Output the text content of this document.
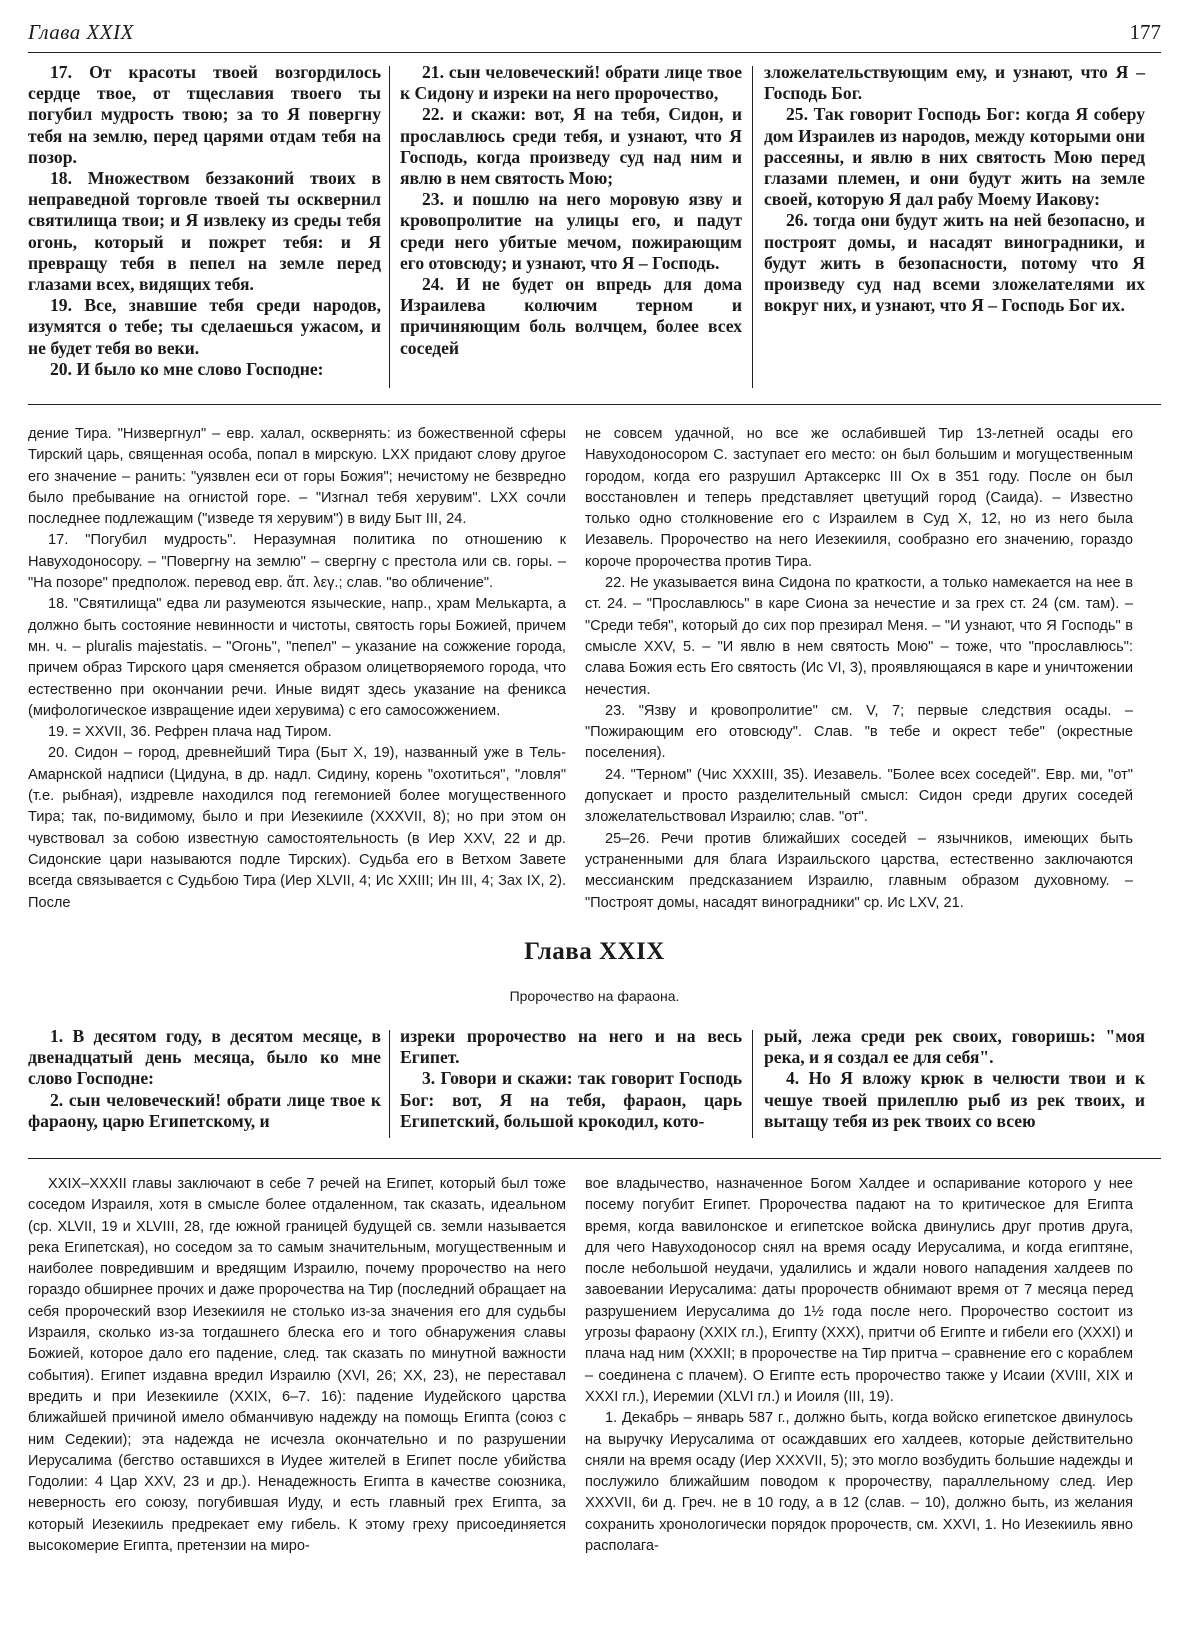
Глава XXIX	177

17. От красоты твоей возгордилось сердце твое, от тщеславия твоего ты погубил мудрость твою; за то Я повергну тебя на землю, перед царями отдам тебя на позор.

18. Множеством беззаконий твоих в неправедной торговле твоей ты осквернил святилища твои; и Я извлеку из среды тебя огонь, который и пожрет тебя: и Я превращу тебя в пепел на земле перед глазами всех, видящих тебя.

19. Все, знавшие тебя среди народов, изумятся о тебе; ты сделаешься ужасом, и не будет тебя во веки.

20. И было ко мне слово Господне:

21. сын человеческий! обрати лице твое к Сидону и изреки на него пророчество,

22. и скажи: вот, Я на тебя, Сидон, и прославлюсь среди тебя, и узнают, что Я Господь, когда произведу суд над ним и явлю в нем святость Мою;

23. и пошлю на него моровую язву и кровопролитие на улицы его, и падут среди него убитые мечом, пожирающим его отовсюду; и узнают, что Я – Господь.

24. И не будет он впредь для дома Израилева колючим терном и причиняющим боль волчцем, более всех соседей

зложелательствующим ему, и узнают, что Я – Господь Бог.

25. Так говорит Господь Бог: когда Я соберу дом Израилев из народов, между которыми они рассеяны, и явлю в них святость Мою перед глазами племен, и они будут жить на земле своей, которую Я дал рабу Моему Иакову:

26. тогда они будут жить на ней безопасно, и построят домы, и насадят виноградники, и будут жить в безопасности, потому что Я произведу суд над всеми зложелателями их вокруг них, и узнают, что Я – Господь Бог их.

дение Тира. "Низвергнул" – евр. халал, осквернять: из божественной сферы Тирский царь, священная особа, попал в мирскую. LXX придают слову другое его значение – ранить: "уязвлен еси от горы Божия"; нечистому не безвредно было пребывание на огнистой горе. – "Изгнал тебя херувим". LXX сочли последнее подлежащим ("изведе тя херувим") в виду Быт III, 24.

17. "Погубил мудрость". Неразумная политика по отношению к Навуходоносору. – "Повергну на землю" – свергну с престола или св. горы. – "На позоре" предполож. перевод евр. ἅπ. λεγ.; слав. "во обличение".

18. "Святилища" едва ли разумеются языческие, напр., храм Мелькарта, а должно быть состояние невинности и чистоты, святость горы Божией, причем мн. ч. – pluralis majestatis. – "Огонь", "пепел" – указание на сожжение города, причем образ Тирского царя сменяется образом олицетворяемого города, что естественно при окончании речи. Иные видят здесь указание на феникса (мифологическое извращение идеи херувима) с его самосожжением.

19. = XXVII, 36. Рефрен плача над Тиром.

20. Сидон – город, древнейший Тира (Быт X, 19), названный уже в Тель-Амарнской надписи (Цидуна, в др. надл. Сидину, корень "охотиться", "ловля" (т.е. рыбная), издревле находился под гегемонией более могущественного Тира; так, по-видимому, было и при Иезекииле (XXXVII, 8); но при этом он чувствовал за собою известную самостоятельность (в Иер XXV, 22 и др. Сидонские цари называются подле Тирских). Судьба его в Ветхом Завете всегда связывается с Судьбою Тира (Иер XLVII, 4; Ис XXIII; Ин III, 4; Зах IX, 2). После

не совсем удачной, но все же ослабившей Тир 13-летней осады его Навуходоносором С. заступает его место: он был большим и могущественным городом, когда его разрушил Артаксеркс III Ох в 351 году. После он был восстановлен и теперь представляет цветущий город (Саида). – Известно только одно столкновение его с Израилем в Суд X, 12, но из него была Иезавель. Пророчество на него Иезекииля, сообразно его значению, гораздо короче пророчества против Тира.

22. Не указывается вина Сидона по краткости, а только намекается на нее в ст. 24. – "Прославлюсь" в каре Сиона за нечестие и за грех ст. 24 (см. там). – "Среди тебя", который до сих пор презирал Меня. – "И узнают, что Я Господь" в смысле XXV, 5. – "И явлю в нем святость Мою" – тоже, что "прославлюсь": слава Божия есть Его святость (Ис VI, 3), проявляющаяся в каре и уничтожении нечестия.

23. "Язву и кровопролитие" см. V, 7; первые следствия осады. – "Пожирающим его отовсюду". Слав. "в тебе и окрест тебе" (окрестные поселения).

24. "Терном" (Чис XXXIII, 35). Иезавель. "Более всех соседей". Евр. ми, "от" допускает и просто разделительный смысл: Сидон среди других соседей зложелательствовал Израилю; слав. "от".

25–26. Речи против ближайших соседей – язычников, имеющих быть устраненными для блага Израильского царства, естественно заключаются мессианским предсказанием Израилю, главным образом духовному. – "Построят домы, насадят виноградники" ср. Ис LXV, 21.

Глава XXIX
Пророчество на фараона.

1. В десятом году, в десятом месяце, в двенадцатый день месяца, было ко мне слово Господне:

2. сын человеческий! обрати лице твое к фараону, царю Египетскому, и

изреки пророчество на него и на весь Египет.

3. Говори и скажи: так говорит Господь Бог: вот, Я на тебя, фараон, царь Египетский, большой крокодил, кото-

рый, лежа среди рек своих, говоришь: "моя река, и я создал ее для себя".

4. Но Я вложу крюк в челюсти твои и к чешуе твоей прилеплю рыб из рек твоих, и вытащу тебя из рек твоих со всею

XXIX–XXXII главы заключают в себе 7 речей на Египет, который был тоже соседом Израиля, хотя в смысле более отдаленном, так сказать, идеальном (ср. XLVII, 19 и XLVIII, 28, где южной границей будущей св. земли называется река Египетская), но соседом за то самым значительным, могущественным и наиболее повредившим и вредящим Израилю, почему пророчество на него гораздо обширнее прочих и даже пророчества на Тир (последний обращает на себя пророческий взор Иезекииля не столько из-за значения его для судьбы Израиля, сколько из-за тогдашнего блеска его и того обнаружения славы Божией, которое дало его падение, след. так сказать по минутной важности события). Египет издавна вредил Израилю (XVI, 26; XX, 23), не переставал вредить и при Иезекииле (XXIX, 6–7. 16): падение Иудейского царства ближайшей причиной имело обманчивую надежду на помощь Египта (союз с ним Седекии); эта надежда не исчезла окончательно и по разрушении Иерусалима (бегство оставшихся в Иудее жителей в Египет после убийства Годолии: 4 Цар XXV, 23 и др.). Ненадежность Египта в качестве союзника, неверность его союзу, погубившая Иуду, и есть главный грех Египта, за который Иезекииль предрекает ему гибель. К этому греху присоединяется высокомерие Египта, претензии на миро-

вое владычество, назначенное Богом Халдее и оспаривание которого у нее посему погубит Египет. Пророчества падают на то критическое для Египта время, когда вавилонское и египетское войска двинулись друг против друга, для чего Навуходоносор снял на время осаду Иерусалима, и когда египтяне, после небольшой неудачи, удалились и ждали нового нападения халдеев по завоевании Иерусалима: даты пророчеств обнимают время от 7 месяца перед разрушением Иерусалима до 1½ года после него. Пророчество состоит из угрозы фараону (XXIX гл.), Египту (XXX), притчи об Египте и гибели его (XXXI) и плача над ним (XXXII; в пророчестве на Тир притча – сравнение его с кораблем – соединена с плачем). О Египте есть пророчество также у Исаии (XVIII, XIX и XXXI гл.), Иеремии (XLVI гл.) и Иоиля (III, 19).

1. Декабрь – январь 587 г., должно быть, когда войско египетское двинулось на выручку Иерусалима от осаждавших его халдеев, которые действительно сняли на время осаду (Иер XXXVII, 5); это могло возбудить большие надежды и послужило ближайшим поводом к пророчеству, параллельному след. Иер XXXVII, 6и д. Греч. не в 10 году, а в 12 (слав. – 10), должно быть, из желания сохранить хронологически порядок пророчеств, см. XXVI, 1. Но Иезекииль явно располага-
